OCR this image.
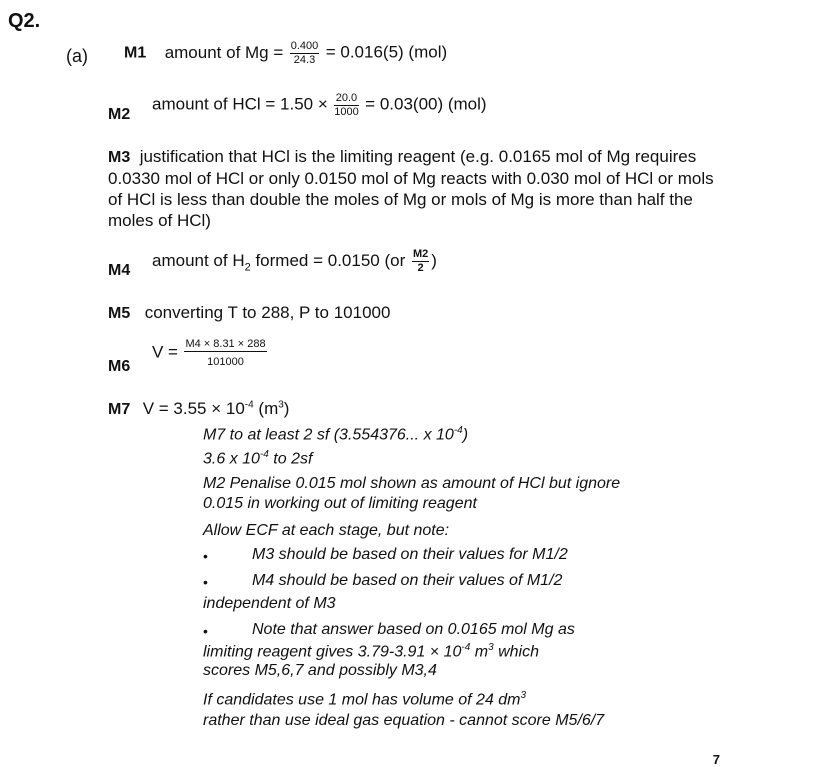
Q2.
(a) M1 amount of $Mg = \frac{0.400}{24.3} = 0.016(5)$ (mol)
M2
amount of HCl = $1.50 \times \frac{20.0}{1000} = 0.03(00)$ (mol)
M3 justification that HCl is the limiting reagent (e.g. 0.0165 mol of Mg requires 0.0330 mol of HCl or only 0.0150 mol of Mg reacts with 0.030 mol of HCl or mols of HCl is less than double the moles of Mg or mols of Mg is more than half the moles of HCl)
M4
amount of $H_2$ formed = 0.0150 ($or \frac{M2}{2}$ )
M5 converting T to 288, P to 101000
M6
$V = \frac{M4 \times 8.31 \times 288}{101000}$
M7 $V = 3.55 \times 10^{-4}$ $(m^3)$
M7 to at least 2 sf (3.554376... x $10^{-4}$)
3.6 x $10^{-4}$ to 2sf
M2 Penalise 0.015 mol shown as amount of HCl but ignore 0.015 in working out of limiting reagent
Allow ECF at each stage, but note:
•	M3 should be based on their values for M1/2
•	M4 should be based on their values of M1/2
independent of M3
•	Note that answer based on 0.0165 mol Mg as
limiting reagent gives $3.79-3.91 \times 10^{-4}$ $m^3$ which
scores M5,6,7 and possibly M3,4
If candidates use 1 mol has volume of 24 $dm^3$
rather than use ideal gas equation - cannot score M5/6/7
7
